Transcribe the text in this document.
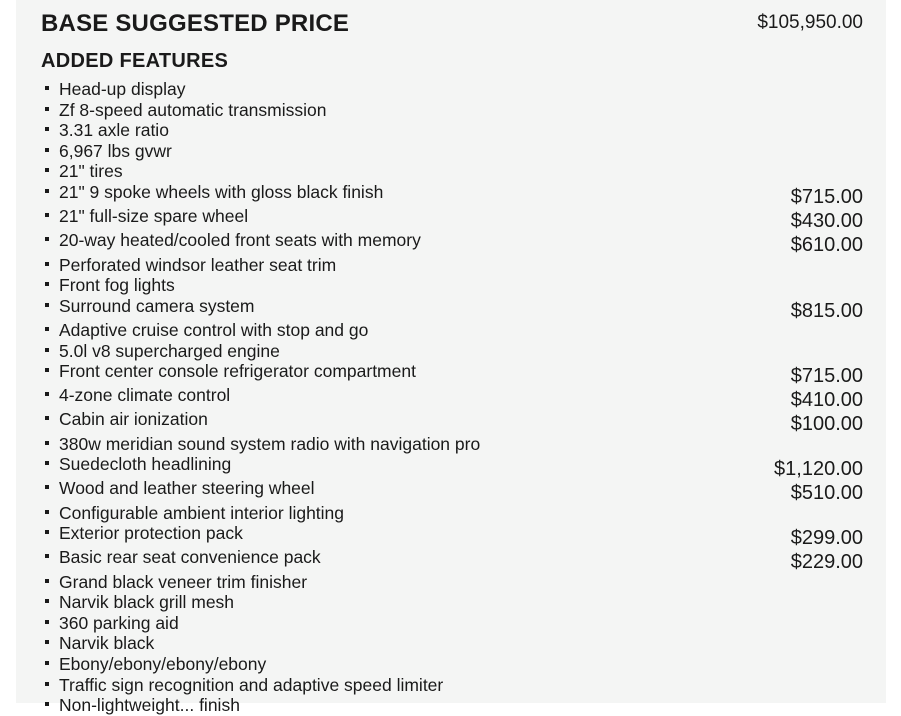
BASE SUGGESTED PRICE	$105,950.00
ADDED FEATURES
Head-up display
Zf 8-speed automatic transmission
3.31 axle ratio
6,967 lbs gvwr
21" tires
21" 9 spoke wheels with gloss black finish	$715.00
21" full-size spare wheel	$430.00
20-way heated/cooled front seats with memory	$610.00
Perforated windsor leather seat trim
Front fog lights
Surround camera system	$815.00
Adaptive cruise control with stop and go
5.0l v8 supercharged engine
Front center console refrigerator compartment	$715.00
4-zone climate control	$410.00
Cabin air ionization	$100.00
380w meridian sound system radio with navigation pro
Suedecloth headlining	$1,120.00
Wood and leather steering wheel	$510.00
Configurable ambient interior lighting
Exterior protection pack	$299.00
Basic rear seat convenience pack	$229.00
Grand black veneer trim finisher
Narvik black grill mesh
360 parking aid
Narvik black
Ebony/ebony/ebony/ebony
Traffic sign recognition and adaptive speed limiter
Non-lightweight... finish
